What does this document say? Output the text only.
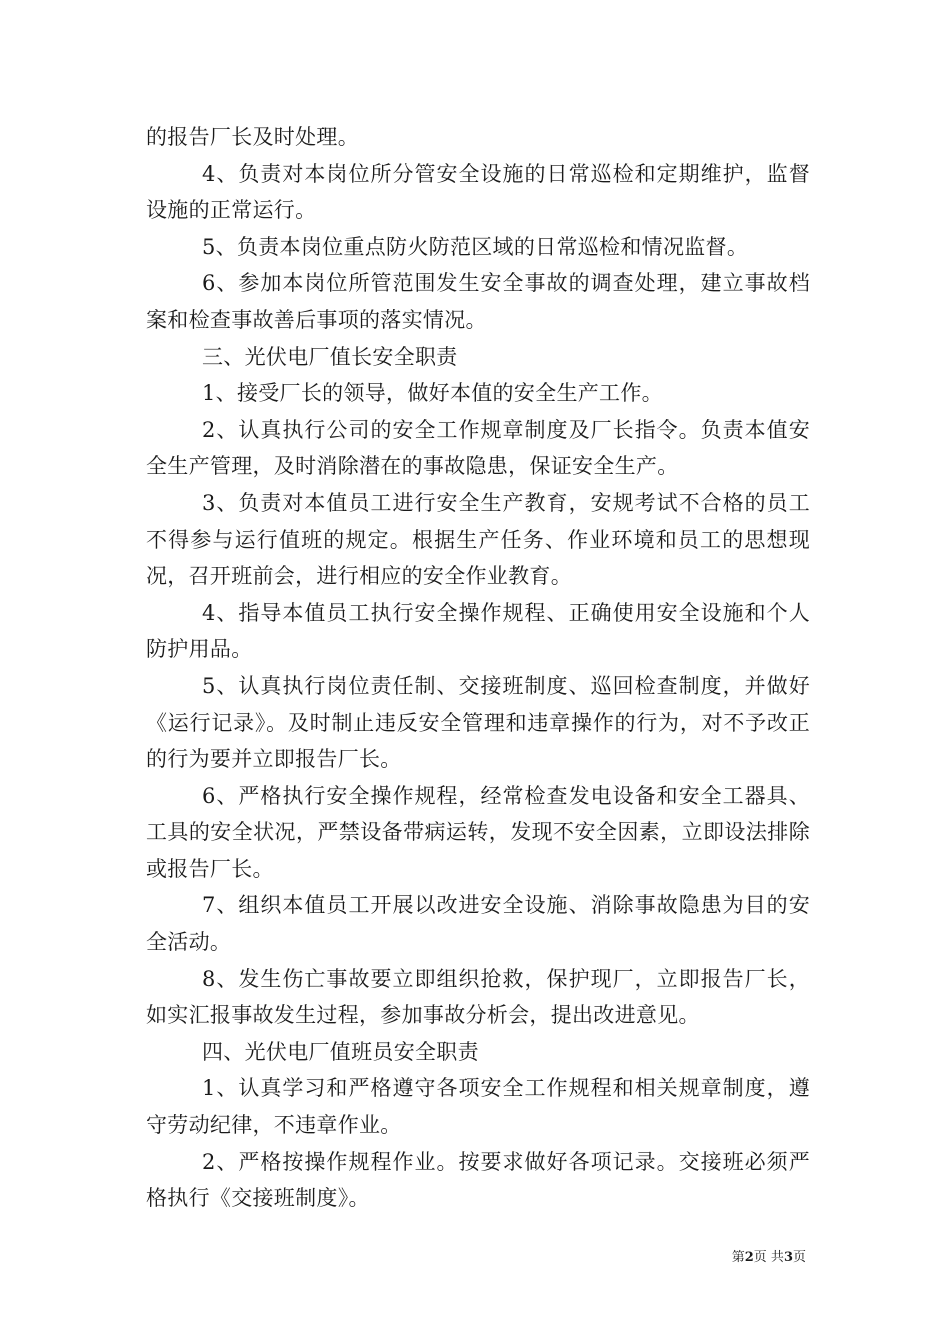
的报告厂长及时处理。

4、负责对本岗位所分管安全设施的日常巡检和定期维护，监督设施的正常运行。

5、负责本岗位重点防火防范区域的日常巡检和情况监督。

6、参加本岗位所管范围发生安全事故的调查处理，建立事故档案和检查事故善后事项的落实情况。

三、光伏电厂值长安全职责

1、接受厂长的领导，做好本值的安全生产工作。

2、认真执行公司的安全工作规章制度及厂长指令。负责本值安全生产管理，及时消除潜在的事故隐患，保证安全生产。

3、负责对本值员工进行安全生产教育，安规考试不合格的员工不得参与运行值班的规定。根据生产任务、作业环境和员工的思想现况，召开班前会，进行相应的安全作业教育。

4、指导本值员工执行安全操作规程、正确使用安全设施和个人防护用品。

5、认真执行岗位责任制、交接班制度、巡回检查制度，并做好《运行记录》。及时制止违反安全管理和违章操作的行为，对不予改正的行为要并立即报告厂长。

6、严格执行安全操作规程，经常检查发电设备和安全工器具、工具的安全状况，严禁设备带病运转，发现不安全因素，立即设法排除或报告厂长。

7、组织本值员工开展以改进安全设施、消除事故隐患为目的安全活动。

8、发生伤亡事故要立即组织抢救，保护现厂，立即报告厂长，如实汇报事故发生过程，参加事故分析会，提出改进意见。

四、光伏电厂值班员安全职责

1、认真学习和严格遵守各项安全工作规程和相关规章制度，遵守劳动纪律，不违章作业。

2、严格按操作规程作业。按要求做好各项记录。交接班必须严格执行《交接班制度》。

第2页 共3页
